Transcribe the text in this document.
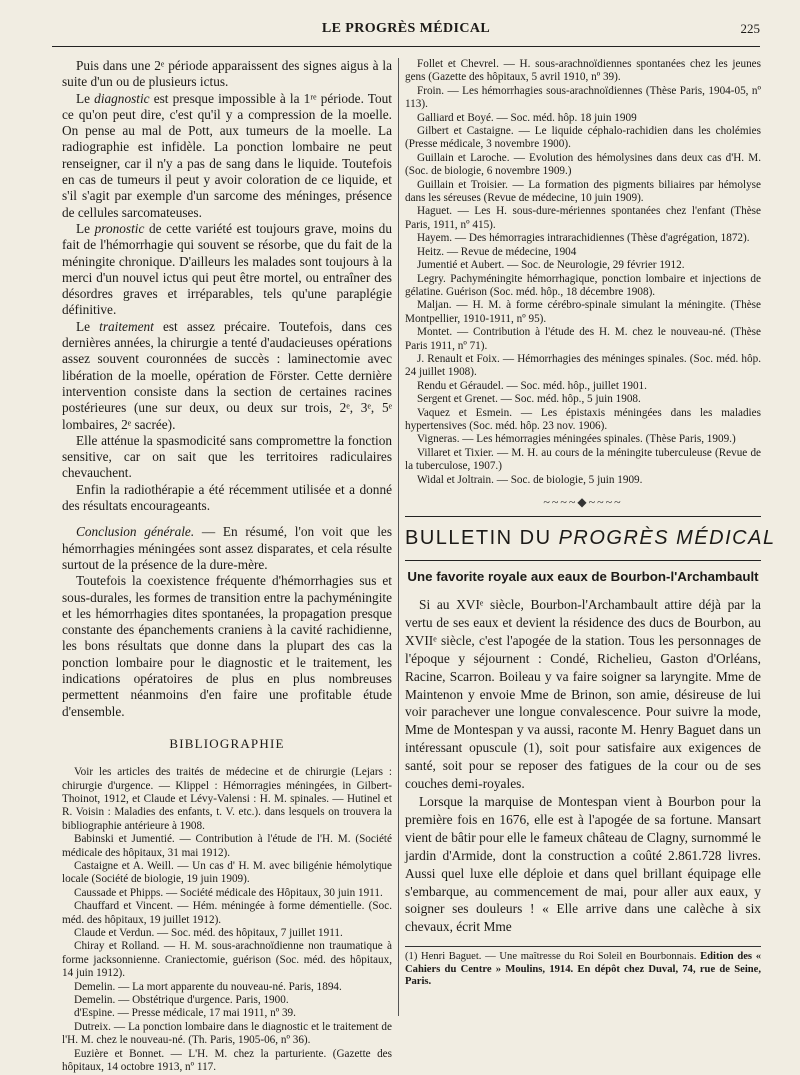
LE PROGRÈS MÉDICAL	225

Puis dans une 2ᵉ période apparaissent des signes aigus à la suite d'un ou de plusieurs ictus.

Le diagnostic est presque impossible à la 1ʳᵉ période. Tout ce qu'on peut dire, c'est qu'il y a compression de la moelle. On pense au mal de Pott, aux tumeurs de la moelle. La radiographie est infidèle. La ponction lombaire ne peut renseigner, car il n'y a pas de sang dans le liquide. Toutefois en cas de tumeurs il peut y avoir coloration de ce liquide, et s'il s'agit par exemple d'un sarcome des méninges, présence de cellules sarcomateuses.

Le pronostic de cette variété est toujours grave, moins du fait de l'hémorrhagie qui souvent se résorbe, que du fait de la méningite chronique. D'ailleurs les malades sont toujours à la merci d'un nouvel ictus qui peut être mortel, ou entraîner des désordres graves et irréparables, tels qu'une paraplégie définitive.

Le traitement est assez précaire. Toutefois, dans ces dernières années, la chirurgie a tenté d'audacieuses opérations assez souvent couronnées de succès : laminectomie avec libération de la moelle, opération de Förster. Cette dernière intervention consiste dans la section de certaines racines postérieures (une sur deux, ou deux sur trois, 2ᵉ, 3ᵉ, 5ᵉ lombaires, 2ᵉ sacrée).

Elle atténue la spasmodicité sans compromettre la fonction sensitive, car on sait que les territoires radiculaires chevauchent.

Enfin la radiothérapie a été récemment utilisée et a donné des résultats encourageants.

Conclusion générale. — En résumé, l'on voit que les hémorrhagies méningées sont assez disparates, et cela résulte surtout de la présence de la dure-mère.

Toutefois la coexistence fréquente d'hémorrhagies sus et sous-durales, les formes de transition entre la pachyméningite et les hémorrhagies dites spontanées, la propagation presque constante des épanchements craniens à la cavité rachidienne, les bons résultats que donne dans la plupart des cas la ponction lombaire pour le diagnostic et le traitement, les indications opératoires de plus en plus nombreuses permettent néanmoins d'en faire une profitable étude d'ensemble.

BIBLIOGRAPHIE

Voir les articles des traités de médecine et de chirurgie (Lejars : chirurgie d'urgence. — Klippel : Hémorragies méningées, in Gilbert-Thoinot, 1912, et Claude et Lévy-Valensi : H. M. spinales. — Hutinel et R. Voisin : Maladies des enfants, t. V. etc.). dans lesquels on trouvera la bibliographie antérieure à 1908.

Babinski et Jumentié. — Contribution à l'étude de l'H. M. (Société médicale des hôpitaux, 31 mai 1912).

Castaigne et A. Weill. — Un cas d' H. M. avec biligénie hémolytique locale (Société de biologie, 19 juin 1909).

Caussade et Phipps. — Société médicale des Hôpitaux, 30 juin 1911.

Chauffard et Vincent. — Hém. méningée à forme démentielle. (Soc. méd. des hôpitaux, 19 juillet 1912).

Claude et Verdun. — Soc. méd. des hôpitaux, 7 juillet 1911.

Chiray et Rolland. — H. M. sous-arachnoïdienne non traumatique à forme jacksonnienne. Craniectomie, guérison (Soc. méd. des hôpitaux, 14 juin 1912).

Demelin. — La mort apparente du nouveau-né. Paris, 1894.

Demelin. — Obstétrique d'urgence. Paris, 1900.

d'Espine. — Presse médicale, 17 mai 1911, nº 39.

Dutreix. — La ponction lombaire dans le diagnostic et le traitement de l'H. M. chez le nouveau-né. (Th. Paris, 1905-06, nº 36).

Euzière et Bonnet. — L'H. M. chez la parturiente. (Gazette des hôpitaux, 14 octobre 1913, nº 117.

Follet et Chevrel. — H. sous-arachnoïdiennes spontanées chez les jeunes gens (Gazette des hôpitaux, 5 avril 1910, nº 39).

Froin. — Les hémorrhagies sous-arachnoïdiennes (Thèse Paris, 1904-05, nº 113).

Galliard et Boyé. — Soc. méd. hôp. 18 juin 1909

Gilbert et Castaigne. — Le liquide céphalo-rachidien dans les cholémies (Presse médicale, 3 novembre 1900).

Guillain et Laroche. — Evolution des hémolysines dans deux cas d'H. M. (Soc. de biologie, 6 novembre 1909.)

Guillain et Troisier. — La formation des pigments biliaires par hémolyse dans les séreuses (Revue de médecine, 10 juin 1909).

Haguet. — Les H. sous-dure-mériennes spontanées chez l'enfant (Thèse Paris, 1911, nº 415).

Hayem. — Des hémorragies intrarachidiennes (Thèse d'agrégation, 1872).

Heitz. — Revue de médecine, 1904

Jumentié et Aubert. — Soc. de Neurologie, 29 février 1912.

Legry. Pachyméningite hémorrhagique, ponction lombaire et injections de gélatine. Guérison (Soc. méd. hôp., 18 décembre 1908).

Maljan. — H. M. à forme cérébro-spinale simulant la méningite. (Thèse Montpellier, 1910-1911, nº 95).

Montet. — Contribution à l'étude des H. M. chez le nouveau-né. (Thèse Paris 1911, nº 71).

J. Renault et Foix. — Hémorrhagies des méninges spinales. (Soc. méd. hôp. 24 juillet 1908).

Rendu et Géraudel. — Soc. méd. hôp., juillet 1901.

Sergent et Grenet. — Soc. méd. hôp., 5 juin 1908.

Vaquez et Esmein. — Les épistaxis méningées dans les maladies hypertensives (Soc. méd. hôp. 23 nov. 1906).

Vigneras. — Les hémorragies méningées spinales. (Thèse Paris, 1909.)

Villaret et Tixier. — M. H. au cours de la méningite tuberculeuse (Revue de la tuberculose, 1907.)

Widal et Joltrain. — Soc. de biologie, 5 juin 1909.

~~~~◆~~~~
BULLETIN DU PROGRÈS MÉDICAL
Une favorite royale aux eaux de Bourbon-l'Archambault

Si au XVIᵉ siècle, Bourbon-l'Archambault attire déjà par la vertu de ses eaux et devient la résidence des ducs de Bourbon, au XVIIᵉ siècle, c'est l'apogée de la station. Tous les personnages de l'époque y séjournent : Condé, Richelieu, Gaston d'Orléans, Racine, Scarron. Boileau y va faire soigner sa laryngite. Mme de Maintenon y envoie Mme de Brinon, son amie, désireuse de lui voir parachever une longue convalescence. Pour suivre la mode, Mme de Montespan y va aussi, raconte M. Henry Baguet dans un intéressant opuscule (1), soit pour satisfaire aux exigences de santé, soit pour se reposer des fatigues de la cour ou de ses couches demi-royales.

Lorsque la marquise de Montespan vient à Bourbon pour la première fois en 1676, elle est à l'apogée de sa fortune. Mansart vient de bâtir pour elle le fameux château de Clagny, surnommé le jardin d'Armide, dont la construction a coûté 2.861.728 livres. Aussi quel luxe elle déploie et dans quel brillant équipage elle s'embarque, au commencement de mai, pour aller aux eaux, y soigner ses douleurs ! « Elle arrive dans une calèche à six chevaux, écrit Mme

(1) Henri Baguet. — Une maîtresse du Roi Soleil en Bourbonnais. Edition des « Cahiers du Centre » Moulins, 1914. En dépôt chez Duval, 74, rue de Seine, Paris.
